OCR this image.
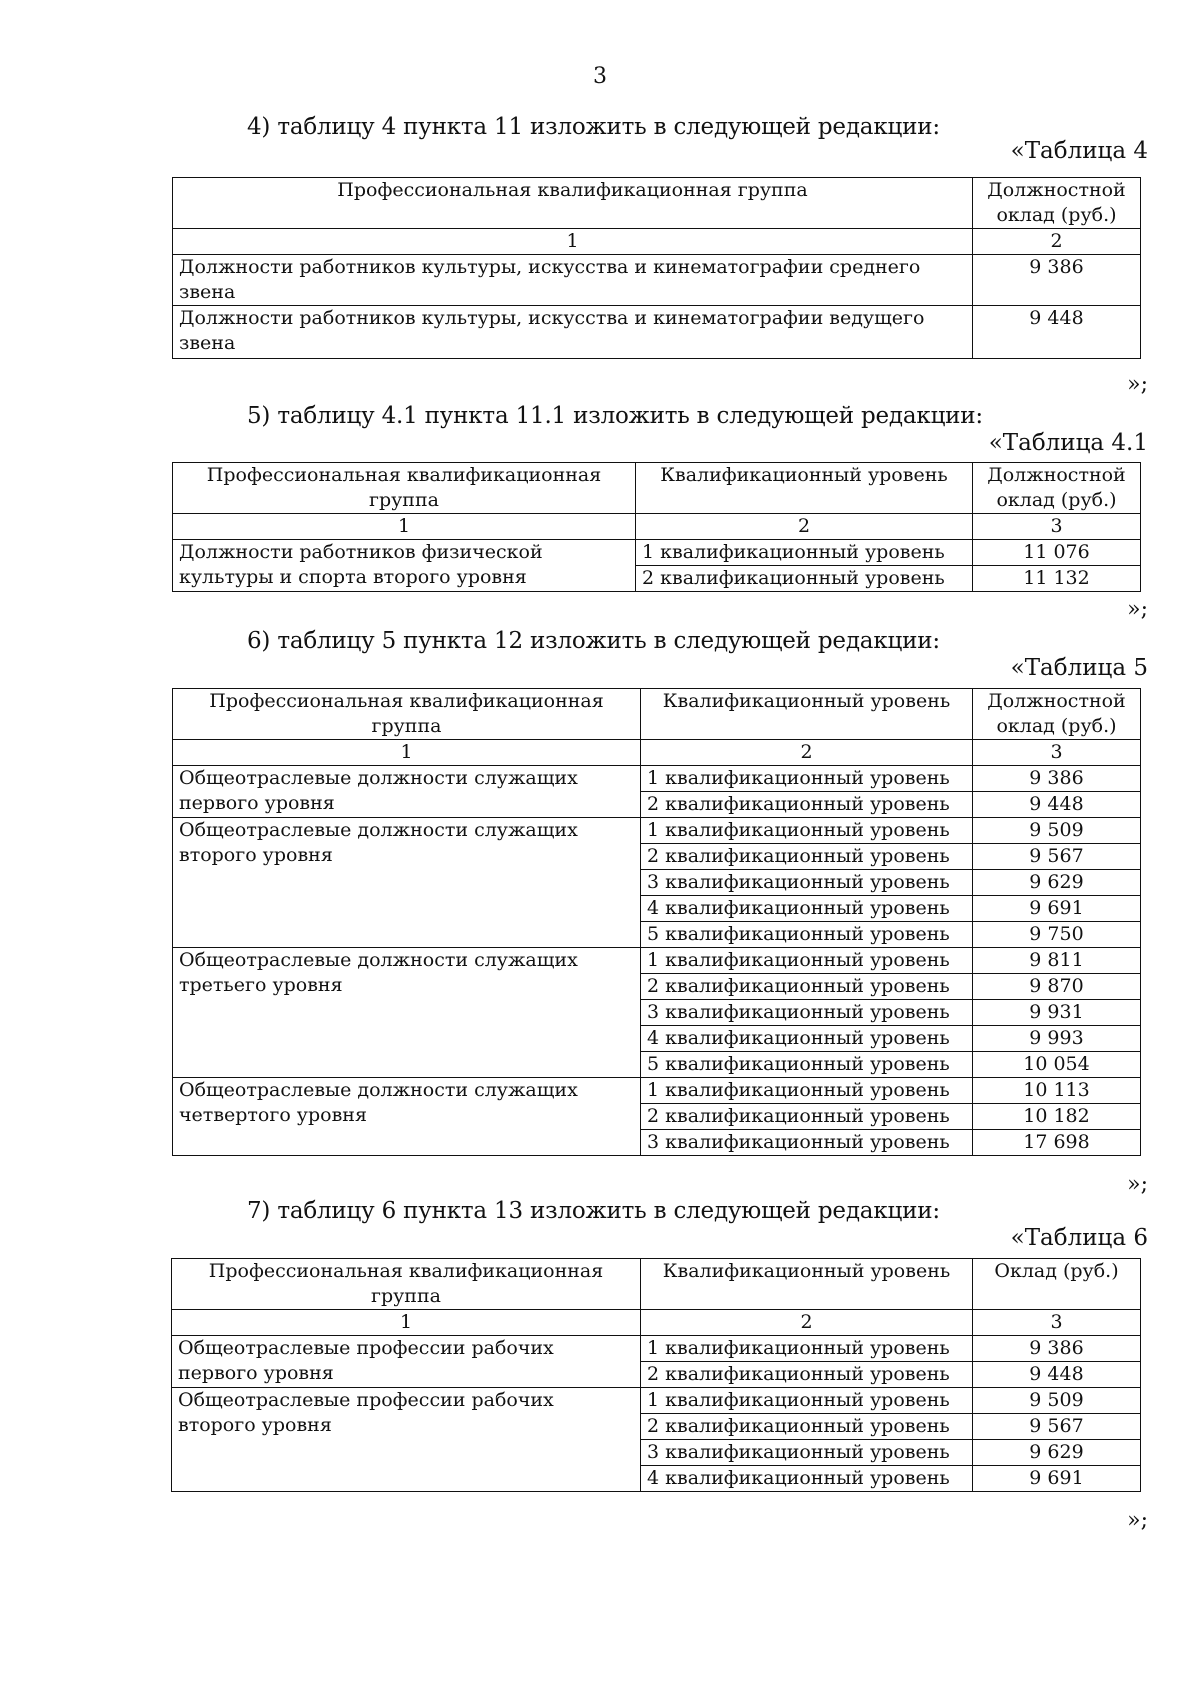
3
4) таблицу 4 пункта 11 изложить в следующей редакции:
«Таблица 4
Профессиональная квалификационная группа	Должностной оклад (руб.)
1	2
Должности работников культуры, искусства и кинематографии среднего звена	9 386
Должности работников культуры, искусства и кинематографии ведущего звена	9 448
»;
5) таблицу 4.1 пункта 11.1 изложить в следующей редакции:
«Таблица 4.1
Профессиональная квалификационная группа	Квалификационный уровень	Должностной оклад (руб.)
1	2	3
Должности работников физической культуры и спорта второго уровня	1 квалификационный уровень	11 076
	2 квалификационный уровень	11 132
»;
6) таблицу 5 пункта 12 изложить в следующей редакции:
«Таблица 5
Профессиональная квалификационная группа	Квалификационный уровень	Должностной оклад (руб.)
1	2	3
Общеотраслевые должности служащих первого уровня	1 квалификационный уровень	9 386
	2 квалификационный уровень	9 448
Общеотраслевые должности служащих второго уровня	1 квалификационный уровень	9 509
	2 квалификационный уровень	9 567
	3 квалификационный уровень	9 629
	4 квалификационный уровень	9 691
	5 квалификационный уровень	9 750
Общеотраслевые должности служащих третьего уровня	1 квалификационный уровень	9 811
	2 квалификационный уровень	9 870
	3 квалификационный уровень	9 931
	4 квалификационный уровень	9 993
	5 квалификационный уровень	10 054
Общеотраслевые должности служащих четвертого уровня	1 квалификационный уровень	10 113
	2 квалификационный уровень	10 182
	3 квалификационный уровень	17 698
»;
7) таблицу 6 пункта 13 изложить в следующей редакции:
«Таблица 6
Профессиональная квалификационная группа	Квалификационный уровень	Оклад (руб.)
1	2	3
Общеотраслевые профессии рабочих первого уровня	1 квалификационный уровень	9 386
	2 квалификационный уровень	9 448
Общеотраслевые профессии рабочих второго уровня	1 квалификационный уровень	9 509
	2 квалификационный уровень	9 567
	3 квалификационный уровень	9 629
	4 квалификационный уровень	9 691
»;
